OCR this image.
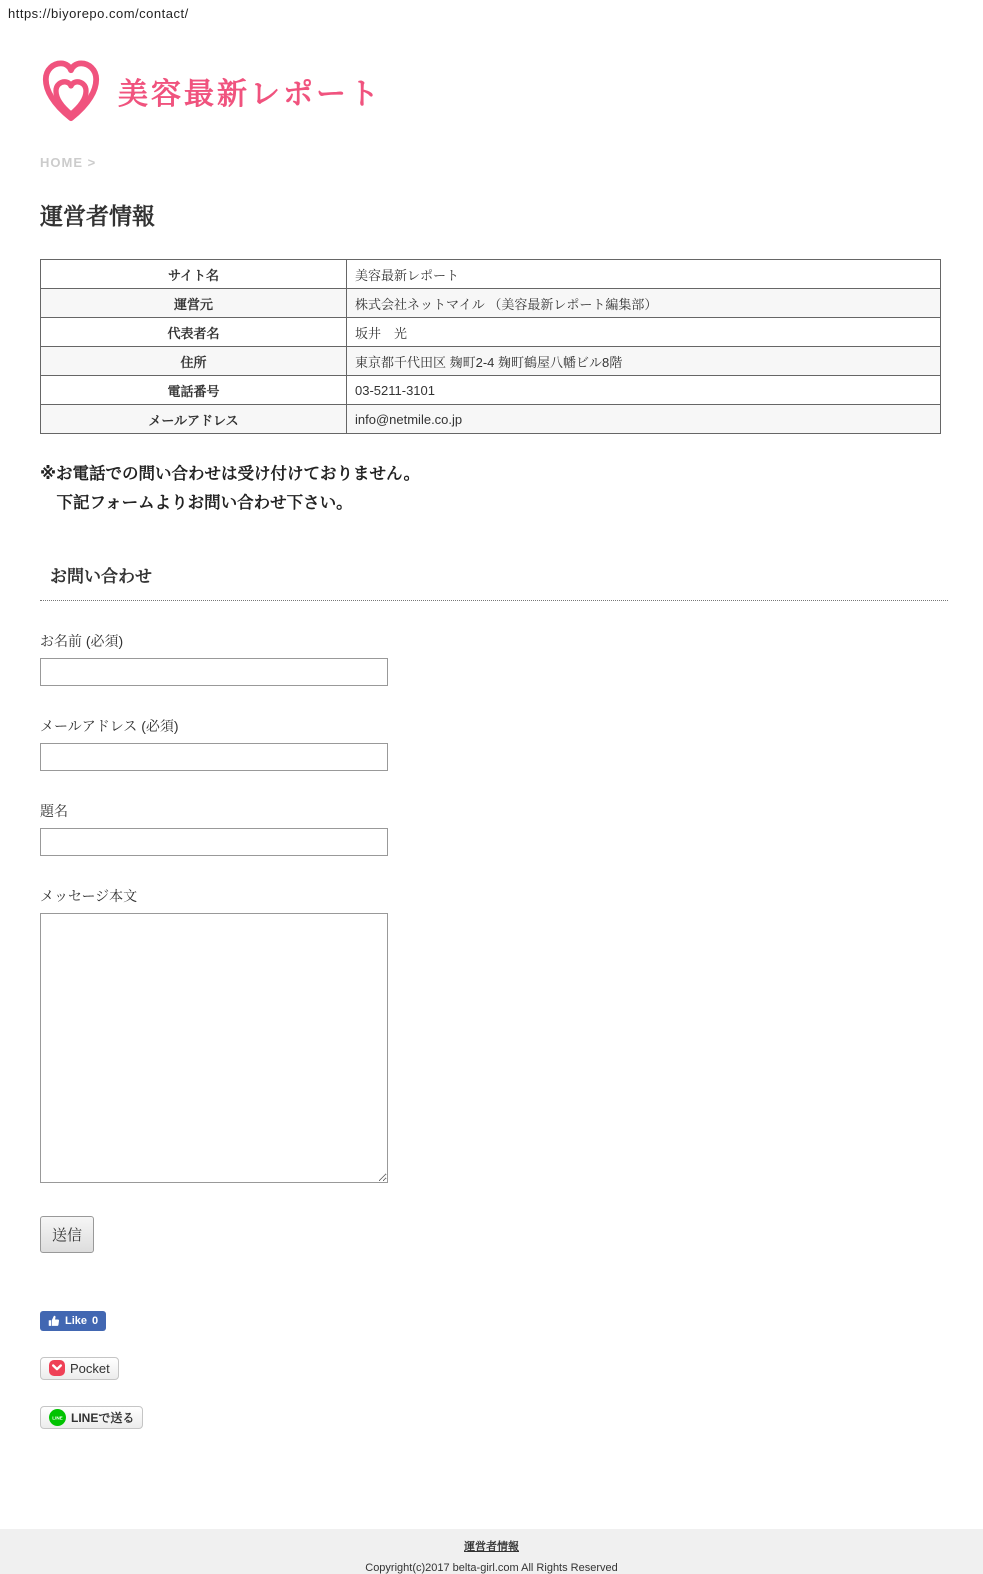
https://biyorepo.com/contact/
美容最新レポート
HOME >
運営者情報
サイト名	美容最新レポート
運営元	株式会社ネットマイル （美容最新レポート編集部）
代表者名	坂井　光
住所	東京都千代田区 麹町2-4 麹町鶴屋八幡ビル8階
電話番号	03-5211-3101
メールアドレス	info@netmile.co.jp
※お電話での問い合わせは受け付けておりません。
　下記フォームよりお問い合わせ下さい。
お問い合わせ
お名前 (必須)
メールアドレス (必須)
題名
メッセージ本文
送信
Like 0
Pocket
LINE LINEで送る
運営者情報
Copyright(c)2017 belta-girl.com All Rights Reserved
